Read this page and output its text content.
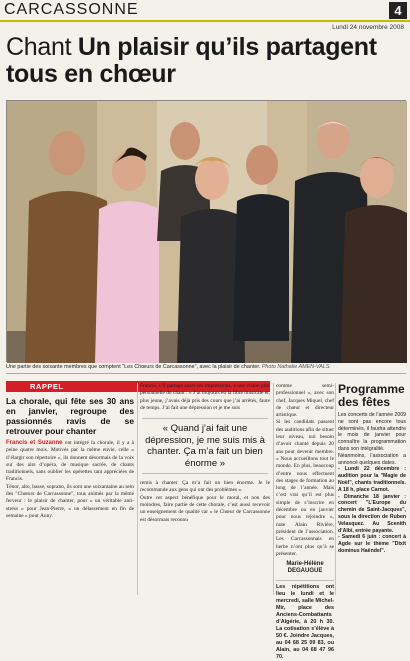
CARCASSONNE	4
Lundi 24 novembre 2008
Chant Un plaisir qu’ils partagent tous en chœur
Une partie des soixante membres que comptent "Les Chœurs de Carcassonne", avec la plaisir de chanter. Photo Nathalie AMEN-VALS.
RAPPEL
La chorale, qui fête ses 30 ans en janvier, regroupe des passionnés ravis de se retrouver pour chanter

Francis et Suzanne ont intégré la chorale, il y a à peine quatre mois. Motivés par la même envie, celle « d’élargir son répertoire », ils donnent désormais de la voix sur des airs d’opéra, de musique sacrée, de chants traditionnels, sans oublier les opérettes tant appréciées de Francis.

Ténor, alto, basse, soprano, ils sont une soixantaine au sein des "Chœurs de Carcassonne", tous animés par la même ferveur : le plaisir de chanter, pour « un véritable anti-stress » pour Jean-Pierre, « un délassement en fin de semaine » pour Anny.

Francis, s’il partage aussi ces impressions, a une vision plus personnelle du chant : « J’ai toujours eu la fibre musicale et, plus jeune, j’avais déjà pris des cours que j’ai arrêtés, faute de temps. J’ai fait une dépression et je me suis

« Quand j’ai fait une dépression, je me suis mis à chanter. Ça m’a fait un bien énorme »

remis à chanter. Ça m’a fait un bien énorme. Je le recommande aux gens qui ont des problèmes ».

Outre cet aspect bénéfique pour le moral, et non des moindres, faire partie de cette chorale, c’est aussi recevoir un enseignement de qualité car « le Chœur de Carcassonne est désormais reconnu

comme semi-professionnel », avec son chef, Jacques Miquel, chef de chœur et directeur artistique.

Si les candidats passent des auditions afin de situer leur niveau, nul besoin d’avoir chanté depuis 20 ans pour devenir membre. « Nous accueillons tout le monde. En plus, beaucoup d’entre nous effectuent des stages de formation au long de l’année. Mais c’est vrai qu’il est plus simple de s’inscrire en décembre ou en janvier pour nous rejoindre », note Alain Rivière, président de l’association. Les Carcassonnais en herbe n’ont plus qu’à se présenter.

Marie-Hélène DEGAUGUE
Les répétitions ont lieu le lundi et le mercredi, salle Michel-Mir, place des Anciens-Combattants d’Algérie, à 20 h 30. La cotisation s’élève à 50 €. Joindre Jacques, au 04 68 25 09 83, ou Alain, au 04 68 47 96 70.
Programme des fêtes

Les concerts de l’année 2009 ne sont pas encore tous déterminés, il faudra attendre le mois de janvier pour connaître la programmation dans son intégralité.

Néanmoins, l’association a annoncé quelques dates.

- Lundi 22 décembre : audition pour la "Magie de Noël", chants traditionnels. A 18 h, place Carnot.

- Dimanche 18 janvier : concert "L’Europe du chemin de Saint-Jacques", sous la direction de Ruben Velasquez. Au Scenith d’Albi, entrée payante.

- Samedi 6 juin : concert à Agde sur le thème "Dixit dominus Haëndel".
